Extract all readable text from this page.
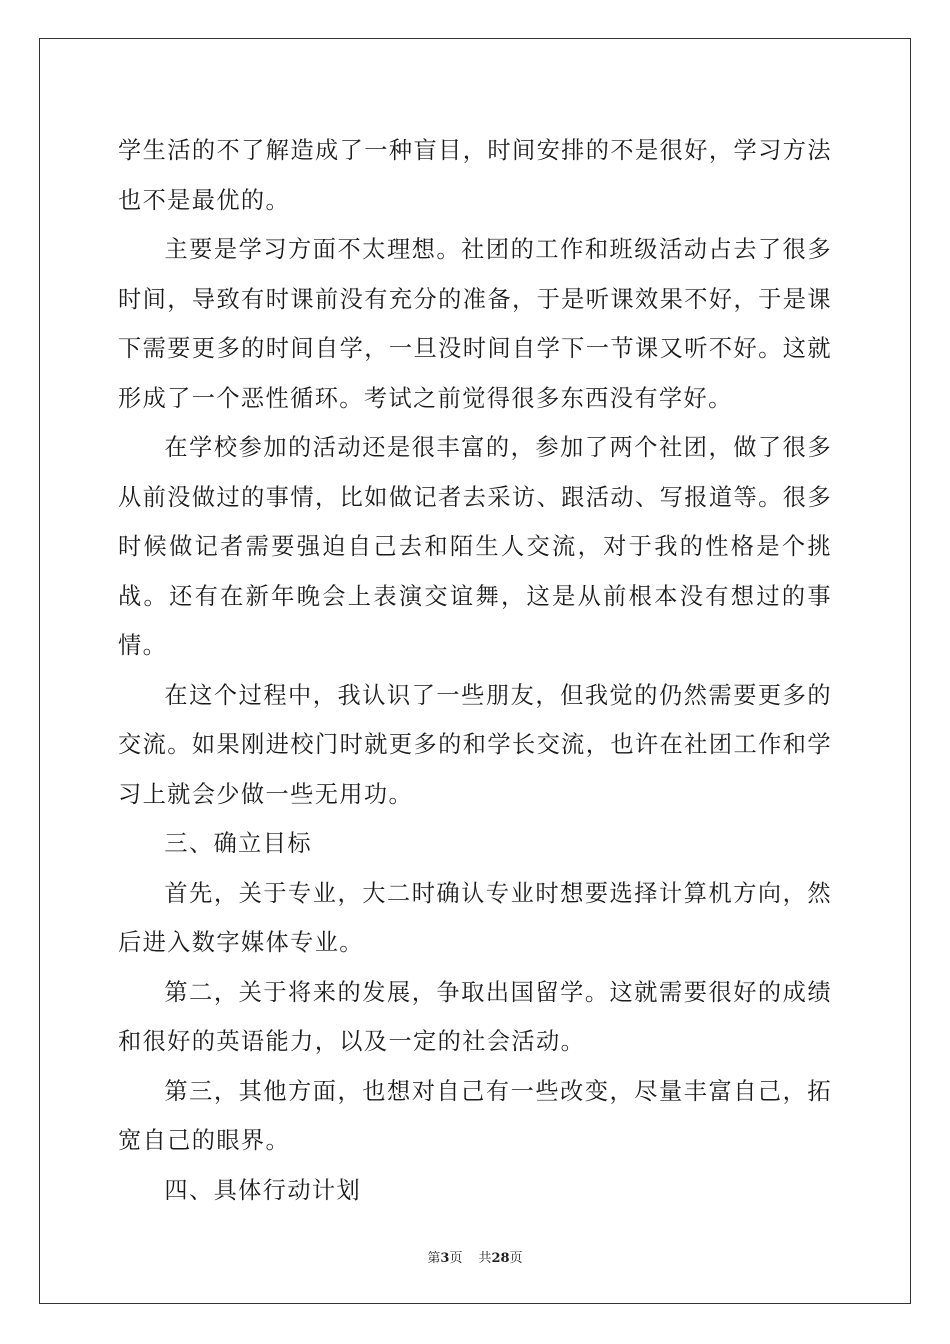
学生活的不了解造成了一种盲目，时间安排的不是很好，学习方法也不是最优的。

主要是学习方面不太理想。社团的工作和班级活动占去了很多时间，导致有时课前没有充分的准备，于是听课效果不好，于是课下需要更多的时间自学，一旦没时间自学下一节课又听不好。这就形成了一个恶性循环。考试之前觉得很多东西没有学好。

在学校参加的活动还是很丰富的，参加了两个社团，做了很多从前没做过的事情，比如做记者去采访、跟活动、写报道等。很多时候做记者需要强迫自己去和陌生人交流，对于我的性格是个挑战。还有在新年晚会上表演交谊舞，这是从前根本没有想过的事情。

在这个过程中，我认识了一些朋友，但我觉的仍然需要更多的交流。如果刚进校门时就更多的和学长交流，也许在社团工作和学习上就会少做一些无用功。

三、确立目标

首先，关于专业，大二时确认专业时想要选择计算机方向，然后进入数字媒体专业。

第二，关于将来的发展，争取出国留学。这就需要很好的成绩和很好的英语能力，以及一定的社会活动。

第三，其他方面，也想对自己有一些改变，尽量丰富自己，拓宽自己的眼界。

四、具体行动计划

第3页 共28页
